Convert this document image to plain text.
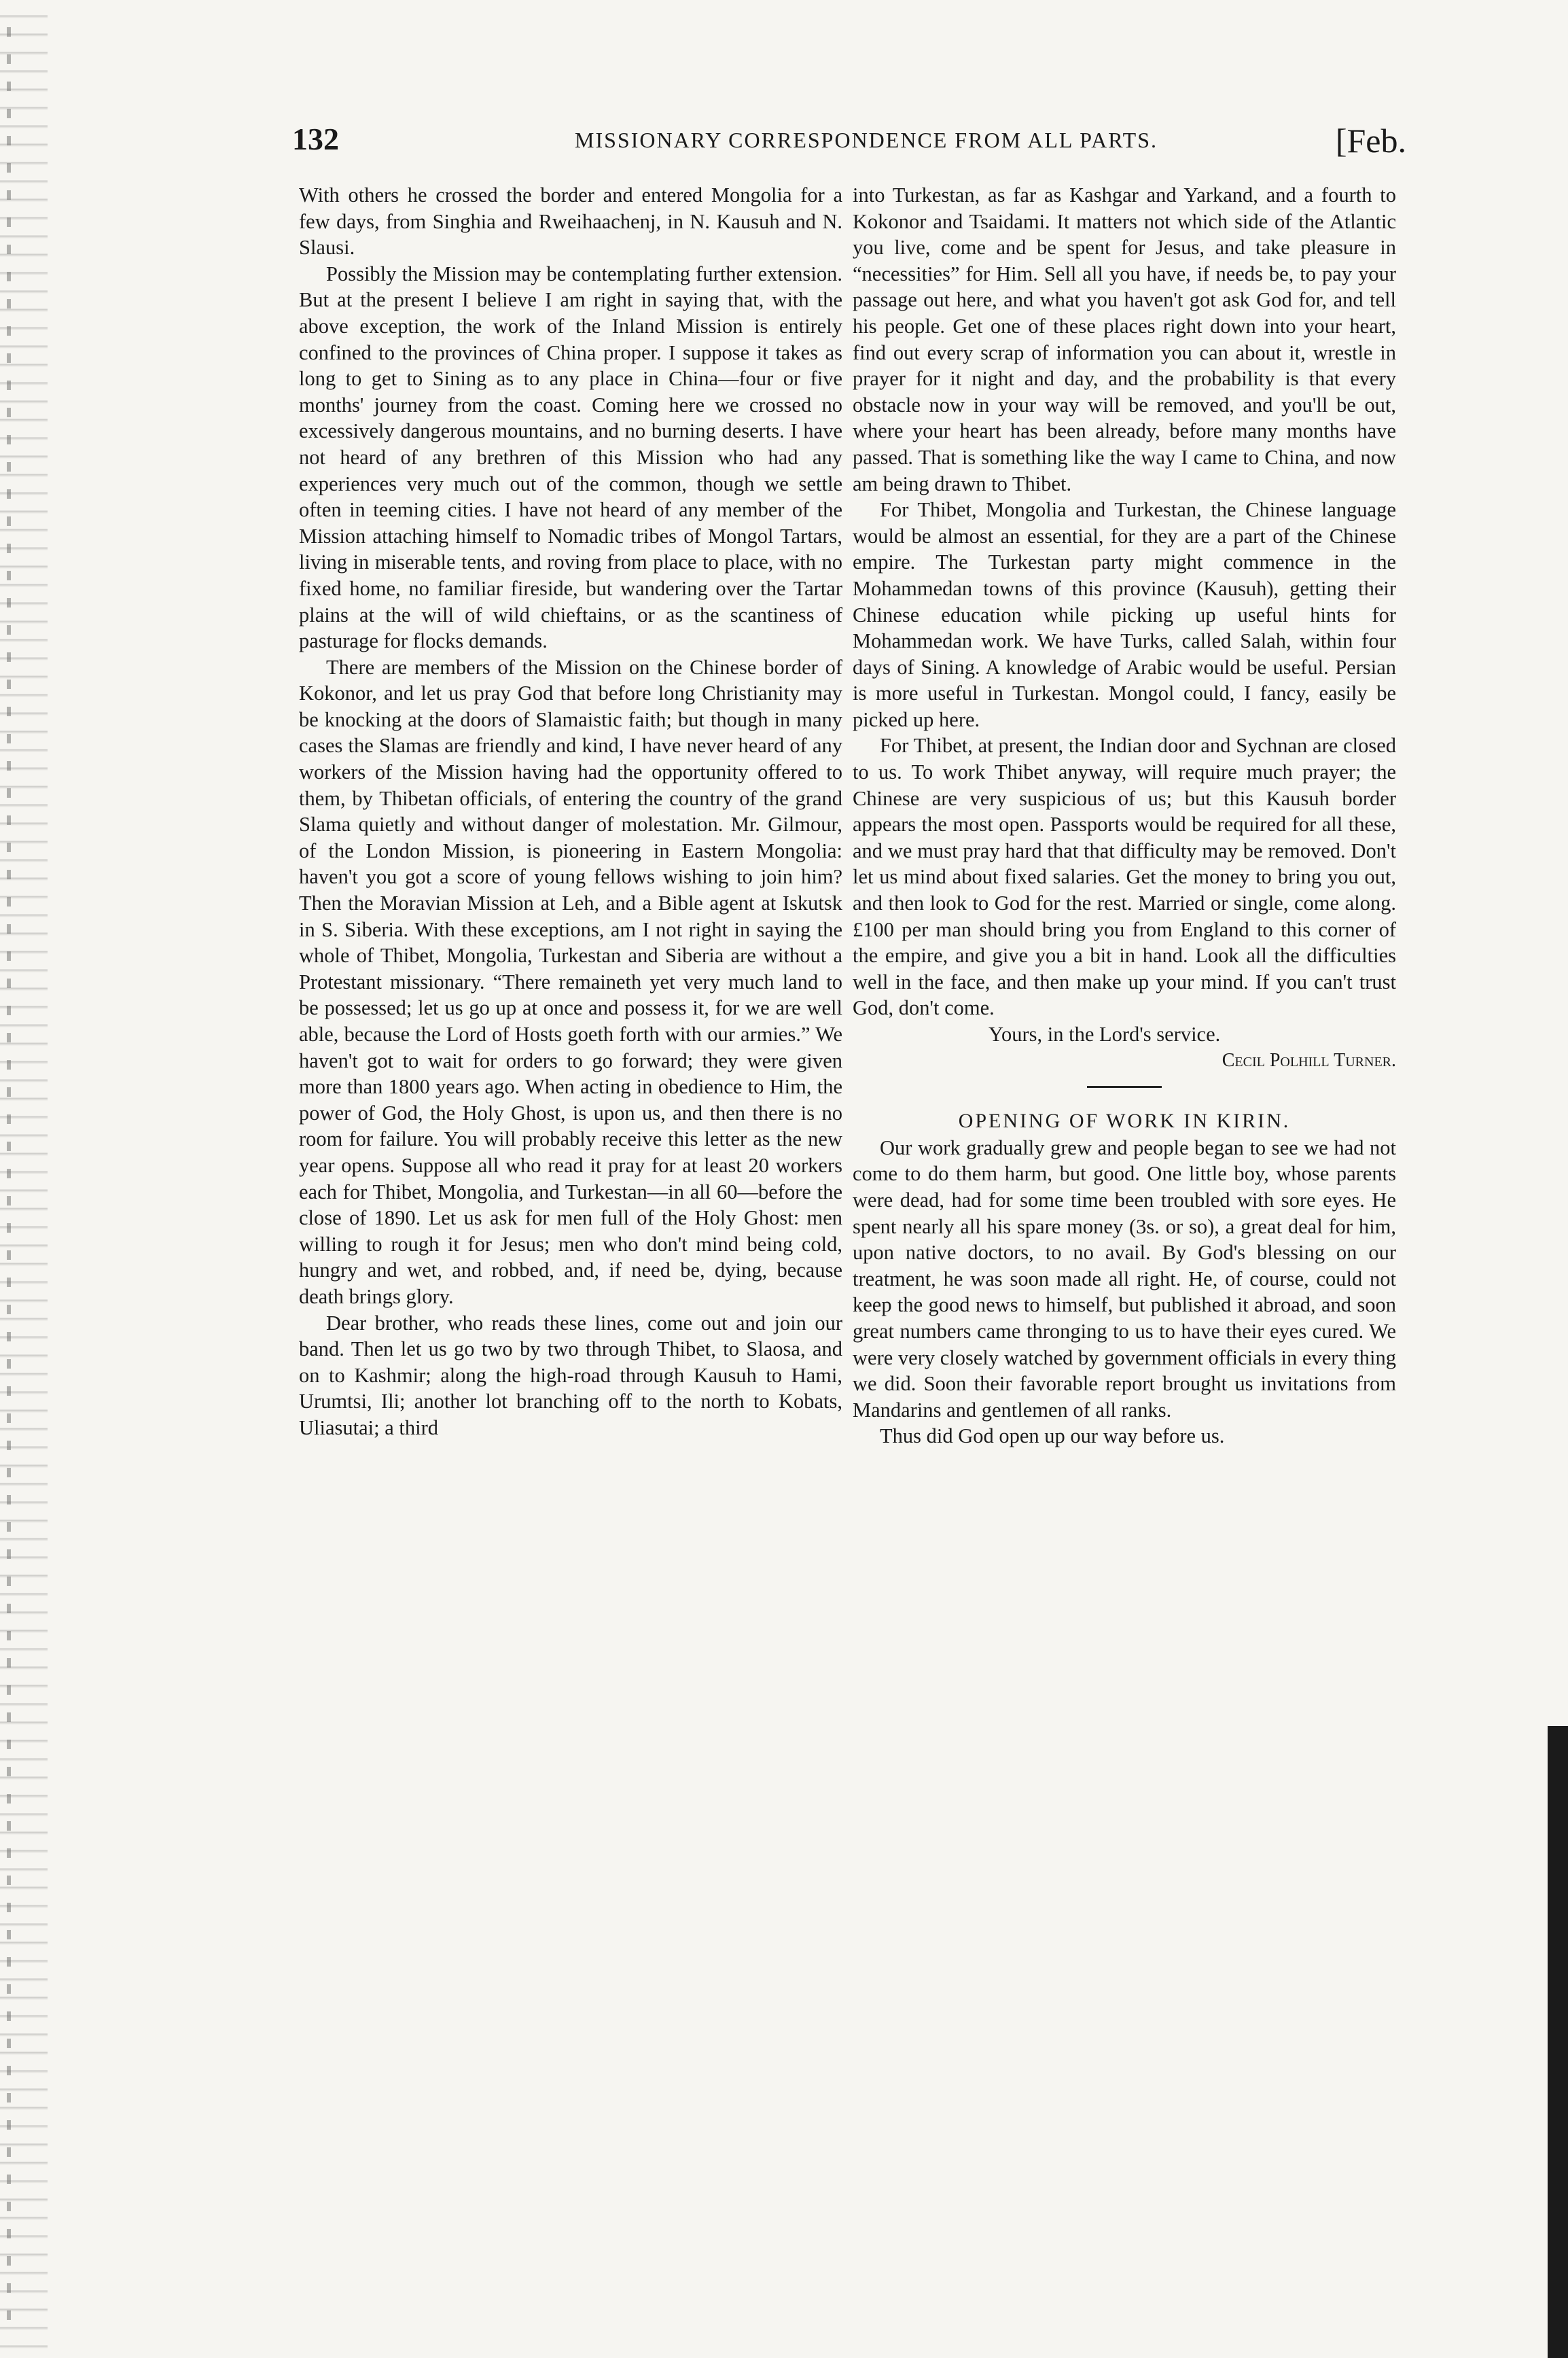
132	MISSIONARY CORRESPONDENCE FROM ALL PARTS.	[Feb.

With others he crossed the border and entered Mongolia for a few days, from Singhia and Rweihaachenj, in N. Kausuh and N. Slausi.

Possibly the Mission may be contemplating further extension. But at the present I believe I am right in saying that, with the above exception, the work of the Inland Mission is entirely confined to the provinces of China proper. I suppose it takes as long to get to Sining as to any place in China—four or five months' journey from the coast. Coming here we crossed no excessively dangerous mountains, and no burning deserts. I have not heard of any brethren of this Mission who had any experiences very much out of the common, though we settle often in teeming cities. I have not heard of any member of the Mission attaching himself to Nomadic tribes of Mongol Tartars, living in miserable tents, and roving from place to place, with no fixed home, no familiar fireside, but wandering over the Tartar plains at the will of wild chieftains, or as the scantiness of pasturage for flocks demands.

There are members of the Mission on the Chinese border of Kokonor, and let us pray God that before long Christianity may be knocking at the doors of Slamaistic faith; but though in many cases the Slamas are friendly and kind, I have never heard of any workers of the Mission having had the opportunity offered to them, by Thibetan officials, of entering the country of the grand Slama quietly and without danger of molestation. Mr. Gilmour, of the London Mission, is pioneering in Eastern Mongolia: haven't you got a score of young fellows wishing to join him? Then the Moravian Mission at Leh, and a Bible agent at Iskutsk in S. Siberia. With these exceptions, am I not right in saying the whole of Thibet, Mongolia, Turkestan and Siberia are without a Protestant missionary. “There remaineth yet very much land to be possessed; let us go up at once and possess it, for we are well able, because the Lord of Hosts goeth forth with our armies.” We haven't got to wait for orders to go forward; they were given more than 1800 years ago. When acting in obedience to Him, the power of God, the Holy Ghost, is upon us, and then there is no room for failure. You will probably receive this letter as the new year opens. Suppose all who read it pray for at least 20 workers each for Thibet, Mongolia, and Turkestan—in all 60—before the close of 1890. Let us ask for men full of the Holy Ghost: men willing to rough it for Jesus; men who don't mind being cold, hungry and wet, and robbed, and, if need be, dying, because death brings glory.

Dear brother, who reads these lines, come out and join our band. Then let us go two by two through Thibet, to Slaosa, and on to Kashmir; along the high-road through Kausuh to Hami, Urumtsi, Ili; another lot branching off to the north to Kobats, Uliasutai; a third

into Turkestan, as far as Kashgar and Yarkand, and a fourth to Kokonor and Tsaidami. It matters not which side of the Atlantic you live, come and be spent for Jesus, and take pleasure in “necessities” for Him. Sell all you have, if needs be, to pay your passage out here, and what you haven't got ask God for, and tell his people. Get one of these places right down into your heart, find out every scrap of information you can about it, wrestle in prayer for it night and day, and the probability is that every obstacle now in your way will be removed, and you'll be out, where your heart has been already, before many months have passed. That is something like the way I came to China, and now am being drawn to Thibet.

For Thibet, Mongolia and Turkestan, the Chinese language would be almost an essential, for they are a part of the Chinese empire. The Turkestan party might commence in the Mohammedan towns of this province (Kausuh), getting their Chinese education while picking up useful hints for Mohammedan work. We have Turks, called Salah, within four days of Sining. A knowledge of Arabic would be useful. Persian is more useful in Turkestan. Mongol could, I fancy, easily be picked up here.

For Thibet, at present, the Indian door and Sychnan are closed to us. To work Thibet anyway, will require much prayer; the Chinese are very suspicious of us; but this Kausuh border appears the most open. Passports would be required for all these, and we must pray hard that that difficulty may be removed. Don't let us mind about fixed salaries. Get the money to bring you out, and then look to God for the rest. Married or single, come along. £100 per man should bring you from England to this corner of the empire, and give you a bit in hand. Look all the difficulties well in the face, and then make up your mind. If you can't trust God, don't come.

Yours, in the Lord's service.
Cecil Polhill Turner.

OPENING OF WORK IN KIRIN.

Our work gradually grew and people began to see we had not come to do them harm, but good. One little boy, whose parents were dead, had for some time been troubled with sore eyes. He spent nearly all his spare money (3s. or so), a great deal for him, upon native doctors, to no avail. By God's blessing on our treatment, he was soon made all right. He, of course, could not keep the good news to himself, but published it abroad, and soon great numbers came thronging to us to have their eyes cured. We were very closely watched by government officials in every thing we did. Soon their favorable report brought us invitations from Mandarins and gentlemen of all ranks.

Thus did God open up our way before us.
